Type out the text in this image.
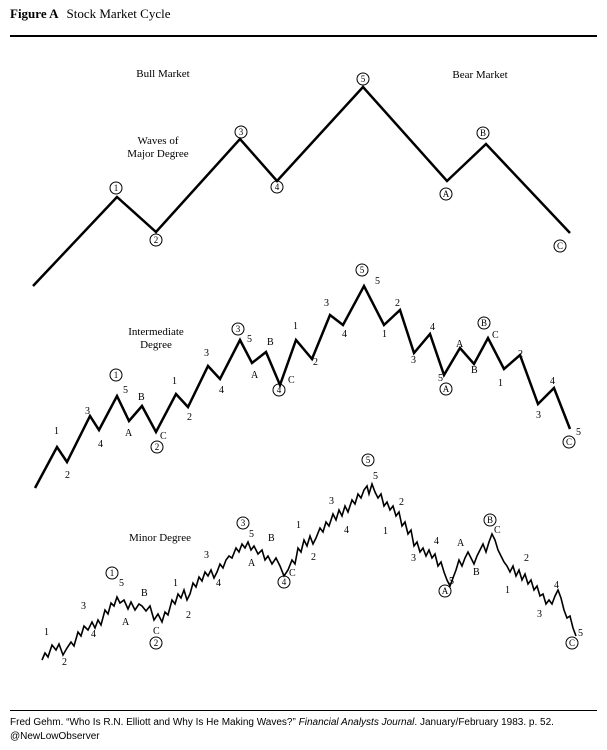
Figure A Stock Market Cycle
Bull Market	Bear Market
Waves of
Major Degree
1
2
3
4
5
A
B
C
Intermediate
Degree
1
2
3
4
5
A
B
C
1
2
3
4
5
A
B
C
1
2
3
4
5
A
B
C
1
2
3
4
5
1
2
3
4
5
A
B
C
1
2
3
4
5
Minor Degree
1
2
3
4
5
A
B
C
1
2
3
4
5
A
B
C
1
2
3
4
5
A
B
C
1
2
3
4
5
1
2
3
4
5
A
B
C
1
2
3
4
5
Fred Gehm. “Who Is R.N. Elliott and Why Is He Making Waves?” Financial Analysts Journal. January/February 1983. p. 52.
@NewLowObserver
